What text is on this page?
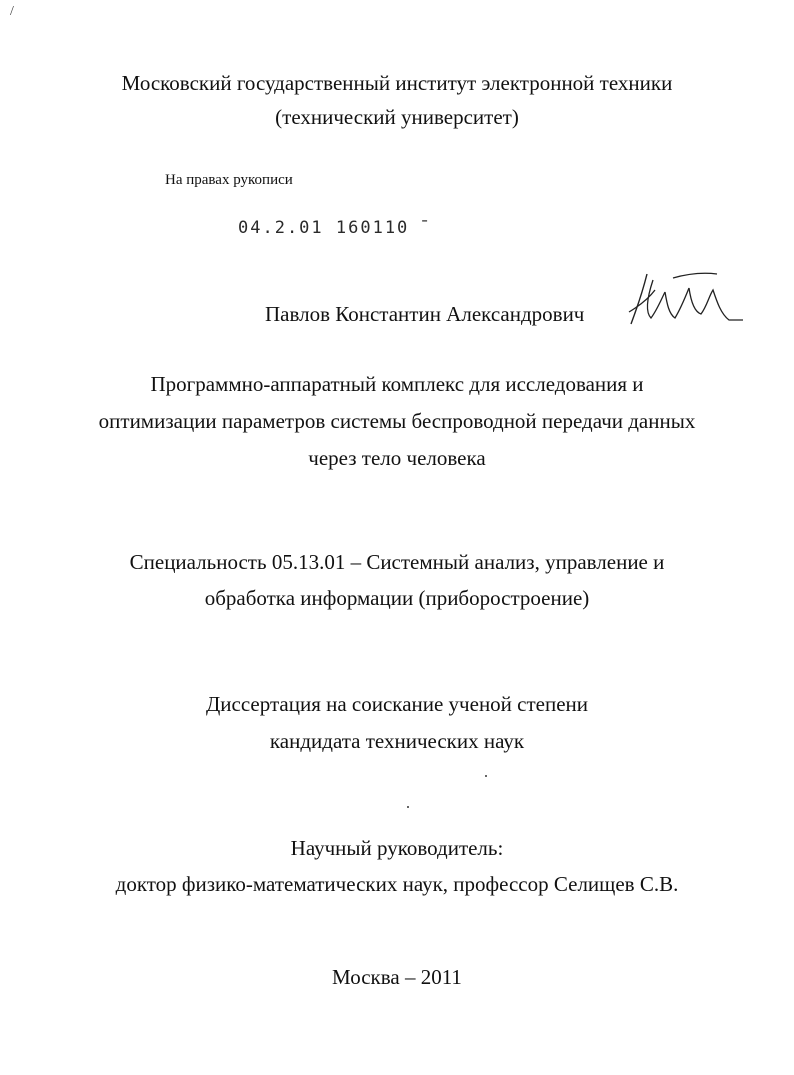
/
Московский государственный институт электронной техники
(технический университет)
На правах рукописи
04.2.01 160110 ̄
Павлов Константин Александрович
Программно-аппаратный комплекс для исследования и
оптимизации параметров системы беспроводной передачи данных
через тело человека
Специальность 05.13.01 – Системный анализ, управление и
обработка информации (приборостроение)
Диссертация на соискание ученой степени
кандидата технических наук
Научный руководитель:
доктор физико-математических наук, профессор Селищев С.В.
Москва – 2011
